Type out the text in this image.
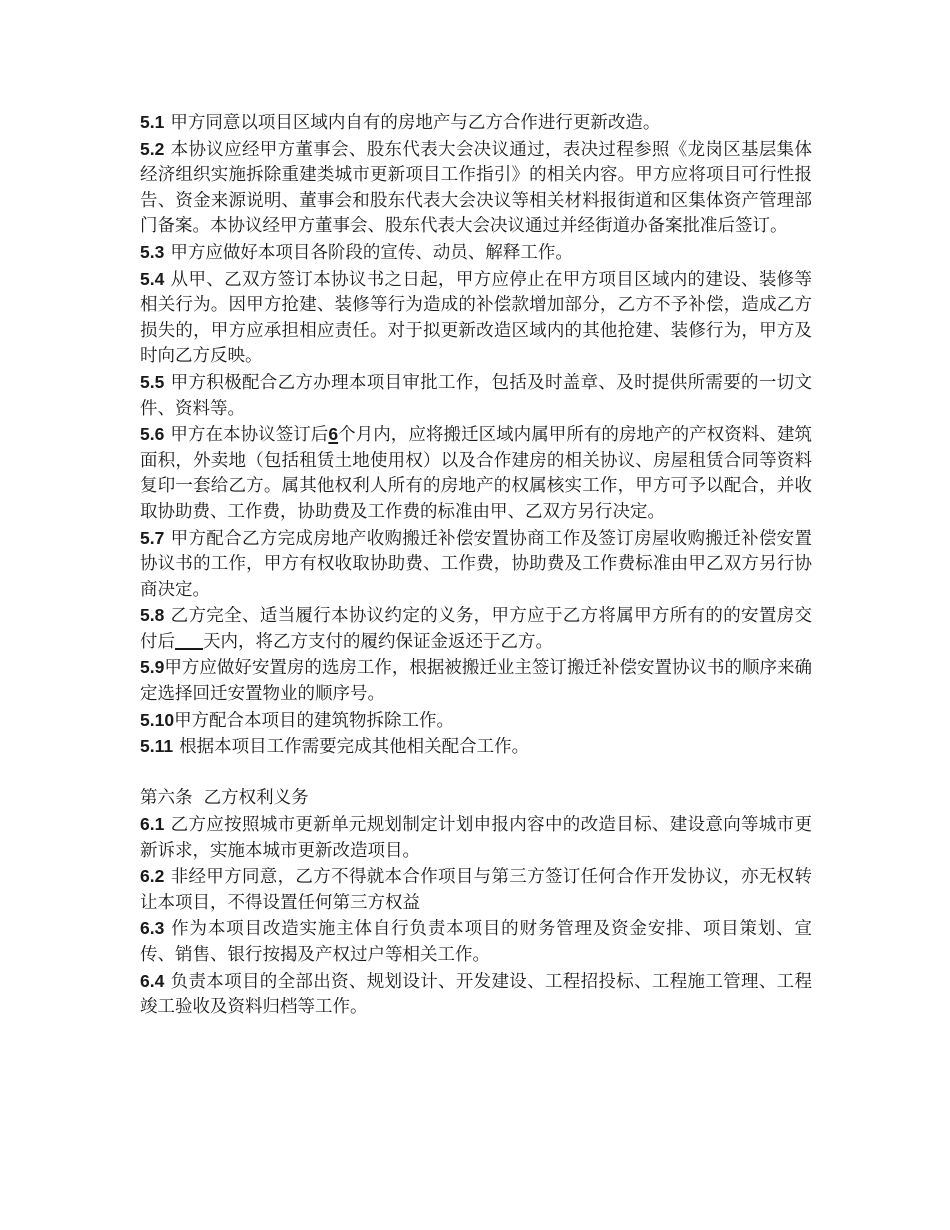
5.1 甲方同意以项目区域内自有的房地产与乙方合作进行更新改造。

5.2 本协议应经甲方董事会、股东代表大会决议通过，表决过程参照《龙岗区基层集体经济组织实施拆除重建类城市更新项目工作指引》的相关内容。甲方应将项目可行性报告、资金来源说明、董事会和股东代表大会决议等相关材料报街道和区集体资产管理部门备案。本协议经甲方董事会、股东代表大会决议通过并经街道办备案批准后签订。

5.3 甲方应做好本项目各阶段的宣传、动员、解释工作。

5.4 从甲、乙双方签订本协议书之日起，甲方应停止在甲方项目区域内的建设、装修等相关行为。因甲方抢建、装修等行为造成的补偿款增加部分，乙方不予补偿，造成乙方损失的，甲方应承担相应责任。对于拟更新改造区域内的其他抢建、装修行为，甲方及时向乙方反映。

5.5 甲方积极配合乙方办理本项目审批工作，包括及时盖章、及时提供所需要的一切文件、资料等。

5.6 甲方在本协议签订后6个月内，应将搬迁区域内属甲所有的房地产的产权资料、建筑面积，外卖地（包括租赁土地使用权）以及合作建房的相关协议、房屋租赁合同等资料复印一套给乙方。属其他权利人所有的房地产的权属核实工作，甲方可予以配合，并收取协助费、工作费，协助费及工作费的标准由甲、乙双方另行决定。

5.7 甲方配合乙方完成房地产收购搬迁补偿安置协商工作及签订房屋收购搬迁补偿安置协议书的工作，甲方有权收取协助费、工作费，协助费及工作费标准由甲乙双方另行协商决定。

5.8 乙方完全、适当履行本协议约定的义务，甲方应于乙方将属甲方所有的的安置房交付后 天内，将乙方支付的履约保证金返还于乙方。

5.9甲方应做好安置房的选房工作，根据被搬迁业主签订搬迁补偿安置协议书的顺序来确定选择回迁安置物业的顺序号。

5.10甲方配合本项目的建筑物拆除工作。

5.11 根据本项目工作需要完成其他相关配合工作。

第六条  乙方权利义务

6.1 乙方应按照城市更新单元规划制定计划申报内容中的改造目标、建设意向等城市更新诉求，实施本城市更新改造项目。

6.2 非经甲方同意，乙方不得就本合作项目与第三方签订任何合作开发协议，亦无权转让本项目，不得设置任何第三方权益

6.3 作为本项目改造实施主体自行负责本项目的财务管理及资金安排、项目策划、宣传、销售、银行按揭及产权过户等相关工作。

6.4 负责本项目的全部出资、规划设计、开发建设、工程招投标、工程施工管理、工程竣工验收及资料归档等工作。
